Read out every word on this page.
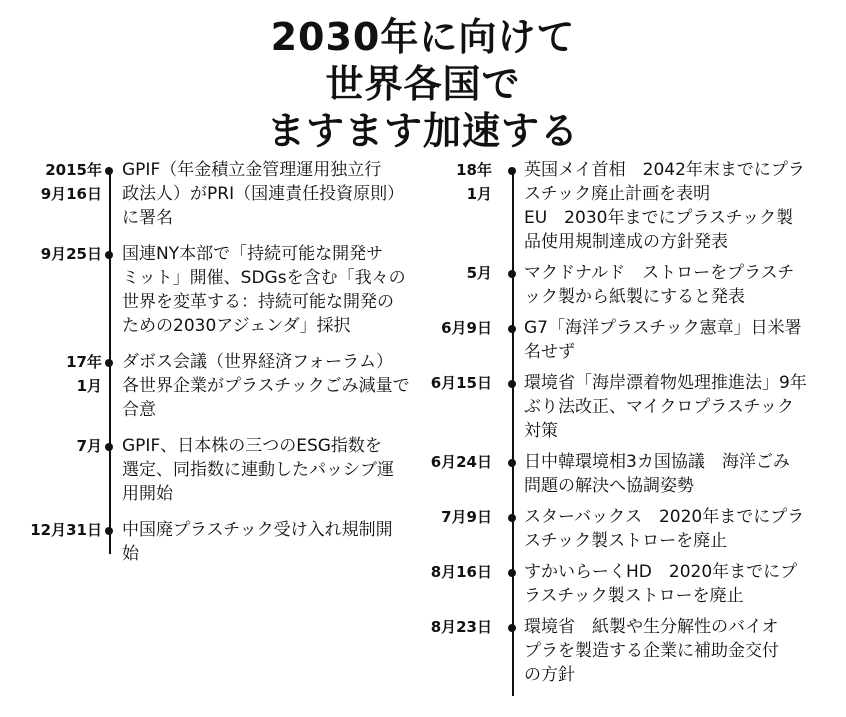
2030年に向けて
世界各国で
ますます加速する
2015年
9月16日
GPIF（年金積立金管理運用独立行
政法人）がPRI（国連責任投資原則）
に署名
9月25日 国連NY本部で「持続可能な開発サ
ミット」開催、SDGsを含む「我々の
世界を変革する：持続可能な開発の
ための2030アジェンダ」採択
17年
1月
ダボス会議（世界経済フォーラム）
各世界企業がプラスチックごみ減量で
合意
7月 GPIF、日本株の三つのESG指数を
選定、同指数に連動したパッシブ運
用開始
12月31日 中国廃プラスチック受け入れ規制開
始
18年
1月
英国メイ首相　2042年末までにプラ
スチック廃止計画を表明
EU　2030年までにプラスチック製
品使用規制達成の方針発表
5月 マクドナルド　ストローをプラスチ
ック製から紙製にすると発表
6月9日 G7「海洋プラスチック憲章」日米署
名せず
6月15日 環境省「海岸漂着物処理推進法」9年
ぶり法改正、マイクロプラスチック
対策
6月24日 日中韓環境相3カ国協議　海洋ごみ
問題の解決へ協調姿勢
7月9日 スターバックス　2020年までにプラ
スチック製ストローを廃止
8月16日 すかいらーくHD　2020年までにプ
ラスチック製ストローを廃止
8月23日 環境省　紙製や生分解性のバイオ
プラを製造する企業に補助金交付
の方針
